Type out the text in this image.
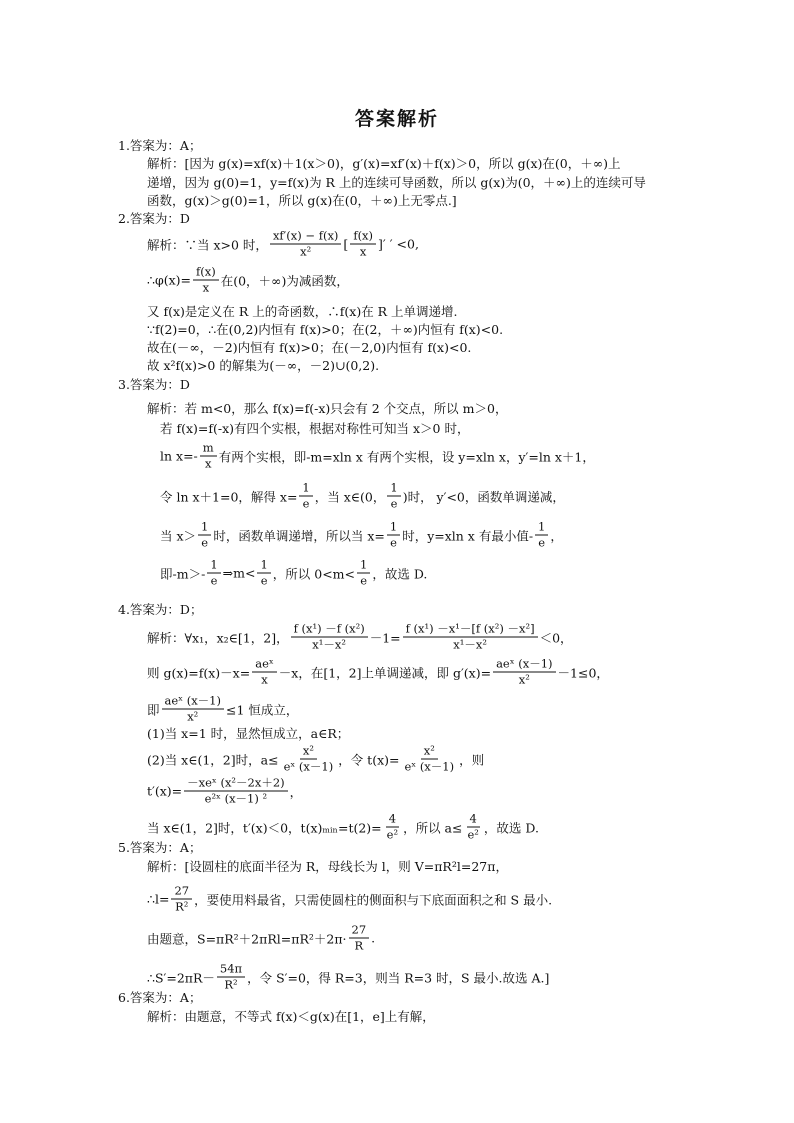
答案解析
1.答案为：A；
解析：[因为 g(x)=xf(x)＋1(x＞0)，g′(x)=xf′(x)＋f(x)＞0，所以 g(x)在(0，＋∞)上
递增，因为 g(0)=1，y=f(x)为 R 上的连续可导函数，所以 g(x)为(0，＋∞)上的连续可导
函数，g(x)＞g(0)=1，所以 g(x)在(0，＋∞)上无零点.]
2.答案为：D
解析：∵当 x>0 时， $\frac{xf'(x) - f(x)}{\text{x²}}$ [ $\frac{f(x)}{x}$ ]′ ′ <0,
∴φ(x)= $\frac{f(x)}{x}$ 在(0，＋∞)为减函数，
又 f(x)是定义在 R 上的奇函数，∴f(x)在 R 上单调递增.
∵f(2)=0，∴在(0,2)内恒有 f(x)>0；在(2，＋∞)内恒有 f(x)<0.
故在(－∞，－2)内恒有 f(x)>0；在(－2,0)内恒有 f(x)<0.
故 x²f(x)>0 的解集为(－∞，－2)∪(0,2).
3.答案为：D
解析：若 m<0，那么 f(x)=f(-x)只会有 2 个交点，所以 m＞0，
若 f(x)=f(-x)有四个实根，根据对称性可知当 x＞0 时，
$\ln x=- \frac{m}{x}$ 有两个实根，即-m=xln x 有两个实根，设 y=xln x，y′=ln x＋1，
令 ln x＋1=0，解得 $x= \frac{1}{e}$ ，当 x∈(0， $\frac{1}{e}$ )时， y′<0，函数单调递减，
当 $x> \frac{1}{e}$ 时，函数单调递增，所以当 $x= \frac{1}{e}$ 时，y=xln x 有最小值- $\frac{1}{e}$ ，
即$-m>- \frac{1}{e}$ ⇒m< $\frac{1}{e}$ ，所以 $0<m< \frac{1}{e}$ ，故选 D.
4.答案为：D；
解析：∀x₁，x₂∈[1，2]， $\frac{\text{f (x¹) －f (x²)}}{\text{x¹－x²}} -1= \frac{\text{f (x¹) －x¹－[f (x²) －x²]}}{\text{x¹－x²}} <0$，
则 $g(x)=f(x)-x= \frac{\text{aeˣ}}{x} -x$，在[1，2]上单调递减，即 $g'(x)= \frac{\text{aeˣ (x－1)}}{\text{x²}} -1\le 0$，
即 $\frac{\text{aeˣ (x－1)}}{\text{x²}} \le 1$ 恒成立，
(1)当 x=1 时，显然恒成立，a∈R；
(2)当 x∈(1，2]时，$a\le \frac{\text{x²}}{\text{eˣ (x－1)}}$ ，令 $t(x)= \frac{\text{x²}}{\text{eˣ (x－1)}}$ ，则
$t'(x)= \frac{\text{－xeˣ (x²－2x＋2)}}{\text{e²ˣ (x－1) ²}}$ ，
当 x∈(1，2]时，t′(x)＜0，t(x)ₘᵢₙ=t(2)= $\frac{4}{\text{e²}}$ ，所以 $a\le \frac{4}{\text{e²}}$ ，故选 D.
5.答案为：A；
解析：[设圆柱的底面半径为 R，母线长为 l，则 V=πR²l=27π，
∴l= $\frac{27}{\text{R²}}$ ，要使用料最省，只需使圆柱的侧面积与下底面面积之和 S 最小.
由题意，$S=\pi R^2+2\pi Rl=\pi R^2+2\pi\cdot \frac{27}{R}$ .
∴S′=2πR－ $\frac{54\pi}{\text{R²}}$ ，令 S′=0，得 R=3，则当 R=3 时，S 最小.故选 A.]
6.答案为：A；
解析：由题意，不等式 f(x)＜g(x)在[1，e]上有解，
